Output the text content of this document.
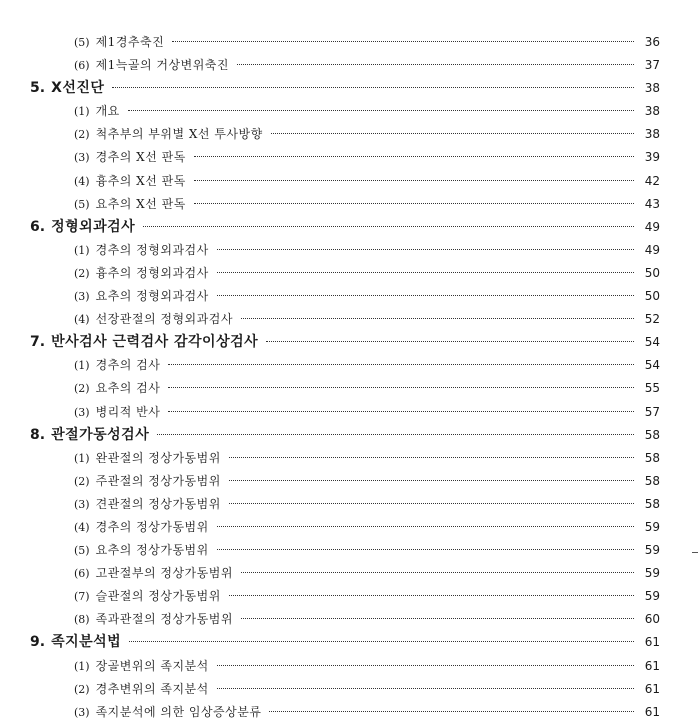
(5) 제1경추축진	36
(6) 제1늑골의 거상변위축진	37
5. X선진단	38
(1) 개요	38
(2) 척추부의 부위별 X선 투사방향	38
(3) 경추의 X선 판독	39
(4) 흉추의 X선 판독	42
(5) 요추의 X선 판독	43
6. 정형외과검사	49
(1) 경추의 정형외과검사	49
(2) 흉추의 정형외과검사	50
(3) 요추의 정형외과검사	50
(4) 선장관절의 정형외과검사	52
7. 반사검사 근력검사 감각이상검사	54
(1) 경추의 검사	54
(2) 요추의 검사	55
(3) 병리적 반사	57
8. 관절가동성검사	58
(1) 완관절의 정상가동범위	58
(2) 주관절의 정상가동범위	58
(3) 견관절의 정상가동범위	58
(4) 경추의 정상가동범위	59
(5) 요추의 정상가동범위	59
(6) 고관절부의 정상가동범위	59
(7) 슬관절의 정상가동범위	59
(8) 족과관절의 정상가동범위	60
9. 족지분석법	61
(1) 장골변위의 족지분석	61
(2) 경추변위의 족지분석	61
(3) 족지분석에 의한 임상증상분류	61
